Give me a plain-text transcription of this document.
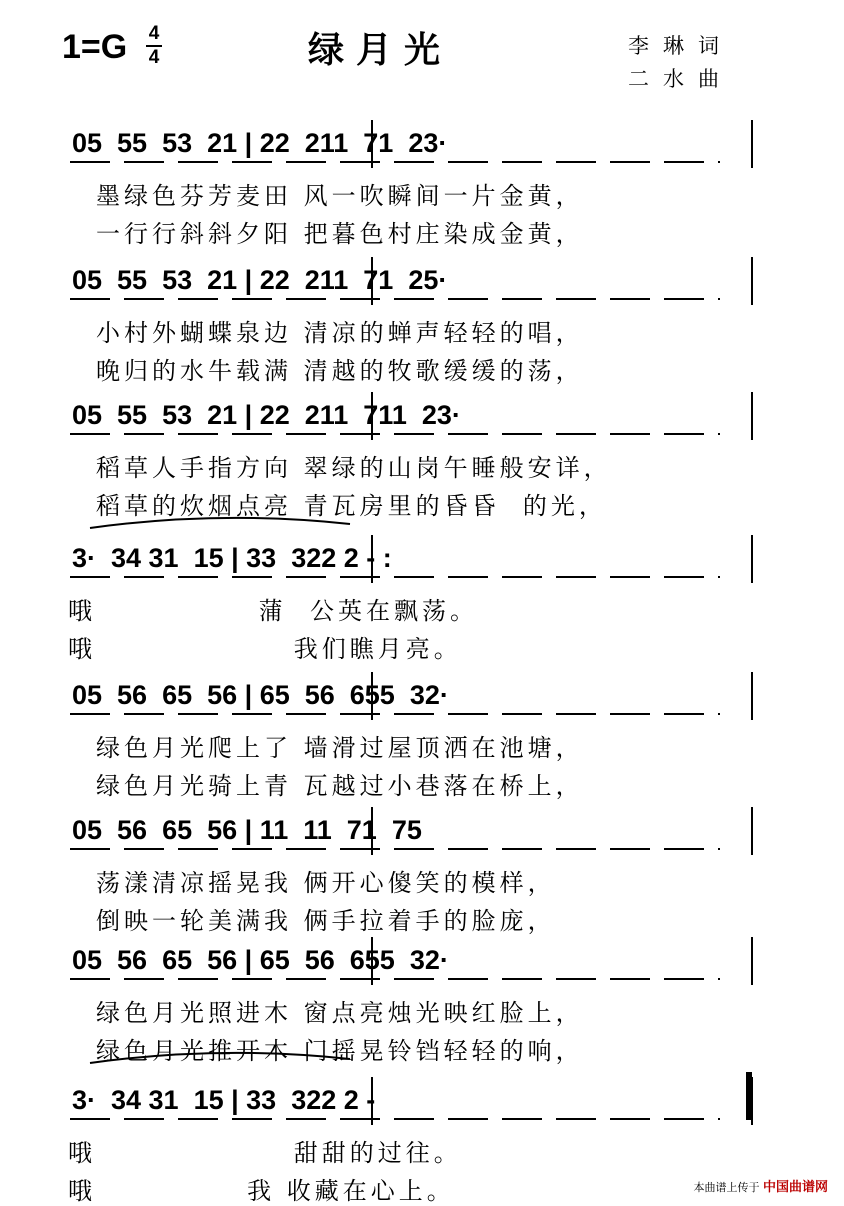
1=G 4
4	绿月光	李琳词
二水曲
05  55  53  21 | 22  211  71  23·
墨绿色芬芳麦田 风一吹瞬间一片金黄，
一行行斜斜夕阳 把暮色村庄染成金黄，
05  55  53  21 | 22  211  71  25·
小村外蝴蝶泉边 清凉的蝉声轻轻的唱，
晚归的水牛载满 清越的牧歌缓缓的荡，
05  55  53  21 | 22  211  711  23·
稻草人手指方向 翠绿的山岗午睡般安详，
稻草的炊烟点亮 青瓦房里的昏昏  的光，
3·  34 31  15 | 33  322 2 - :
哦              蒲  公英在飘荡。
哦                 我们瞧月亮。
05  56  65  56 | 65  56  655  32·
绿色月光爬上了 墙滑过屋顶洒在池塘，
绿色月光骑上青 瓦越过小巷落在桥上，
05  56  65  56 | 11  11  71  75
荡漾清凉摇晃我 俩开心傻笑的模样，
倒映一轮美满我 俩手拉着手的脸庞，
05  56  65  56 | 65  56  655  32·
绿色月光照进木 窗点亮烛光映红脸上，
绿色月光推开木 门摇晃铃铛轻轻的响，
3·  34 31  15 | 33  322 2 -
哦                 甜甜的过往。
哦             我 收藏在心上。	本曲谱上传于 中国曲谱网
